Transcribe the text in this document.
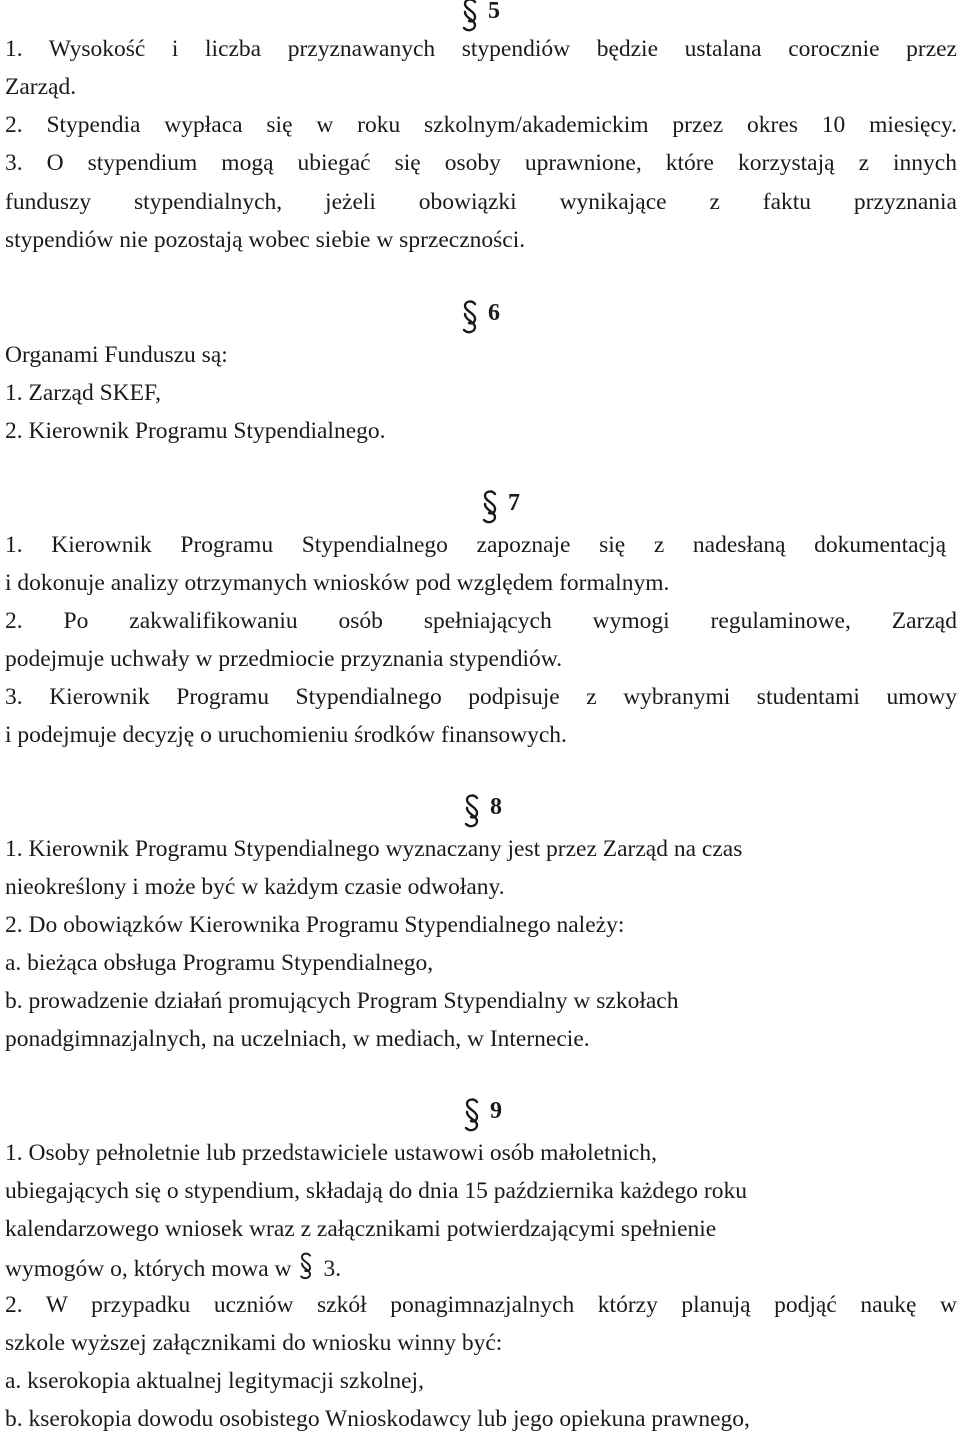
5
1. Wysokość i liczba przyznawanych stypendiów będzie ustalana corocznie przez
Zarząd.
2. Stypendia wypłaca się w roku szkolnym/akademickim przez okres 10 miesięcy.
3. O stypendium mogą ubiegać się osoby uprawnione, które korzystają z innych
funduszy stypendialnych, jeżeli obowiązki wynikające z faktu przyznania
stypendiów nie pozostają wobec siebie w sprzeczności.
6
Organami Funduszu są:
1. Zarząd SKEF,
2. Kierownik Programu Stypendialnego.
7
1. Kierownik Programu Stypendialnego zapoznaje się z nadesłaną dokumentacją
i dokonuje analizy otrzymanych wniosków pod względem formalnym.
2. Po zakwalifikowaniu osób spełniających wymogi regulaminowe, Zarząd
podejmuje uchwały w przedmiocie przyznania stypendiów.
3. Kierownik Programu Stypendialnego podpisuje z wybranymi studentami umowy
i podejmuje decyzję o uruchomieniu środków finansowych.
8
1. Kierownik Programu Stypendialnego wyznaczany jest przez Zarząd na czas
nieokreślony i może być w każdym czasie odwołany.
2. Do obowiązków Kierownika Programu Stypendialnego należy:
a. bieżąca obsługa Programu Stypendialnego,
b. prowadzenie działań promujących Program Stypendialny w szkołach
ponadgimnazjalnych, na uczelniach, w mediach, w Internecie.
9
1. Osoby pełnoletnie lub przedstawiciele ustawowi osób małoletnich,
ubiegających się o stypendium, składają do dnia 15 października każdego roku
kalendarzowego wniosek wraz z załącznikami potwierdzającymi spełnienie
wymogów o, których mowa w 3.
2. W przypadku uczniów szkół ponagimnazjalnych którzy planują podjąć naukę w
szkole wyższej załącznikami do wniosku winny być:
a. kserokopia aktualnej legitymacji szkolnej,
b. kserokopia dowodu osobistego Wnioskodawcy lub jego opiekuna prawnego,
